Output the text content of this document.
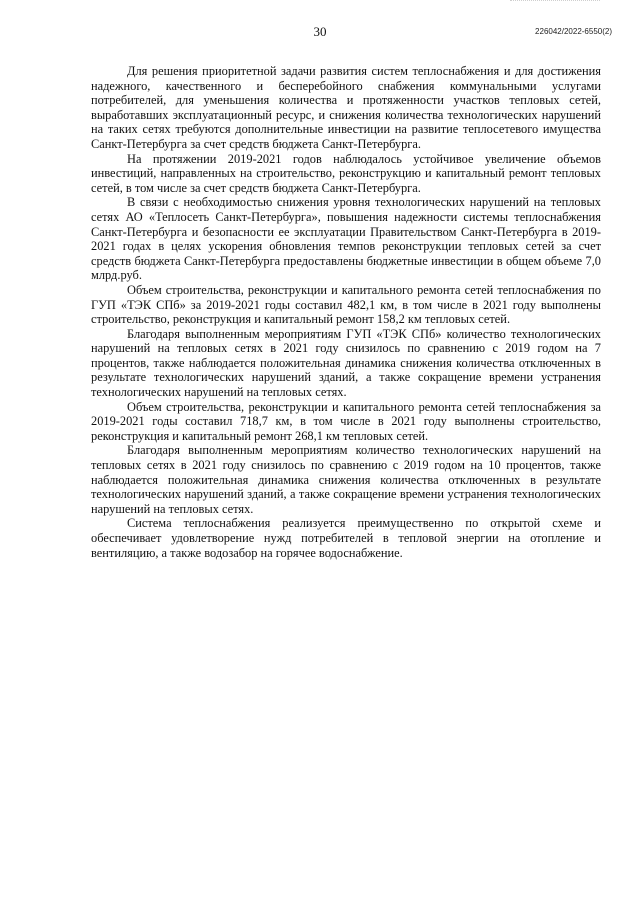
30	226042/2022-6550(2)

Для решения приоритетной задачи развития систем теплоснабжения и для достижения надежного, качественного и бесперебойного снабжения коммунальными услугами потребителей, для уменьшения количества и протяженности участков тепловых сетей, выработавших эксплуатационный ресурс, и снижения количества технологических нарушений на таких сетях требуются дополнительные инвестиции на развитие теплосетевого имущества Санкт-Петербурга за счет средств бюджета Санкт-Петербурга.

На протяжении 2019-2021 годов наблюдалось устойчивое увеличение объемов инвестиций, направленных на строительство, реконструкцию и капитальный ремонт тепловых сетей, в том числе за счет средств бюджета Санкт-Петербурга.

В связи с необходимостью снижения уровня технологических нарушений на тепловых сетях АО «Теплосеть Санкт-Петербурга», повышения надежности системы теплоснабжения Санкт-Петербурга и безопасности ее эксплуатации Правительством Санкт-Петербурга в 2019-2021 годах в целях ускорения обновления темпов реконструкции тепловых сетей за счет средств бюджета Санкт-Петербурга предоставлены бюджетные инвестиции в общем объеме 7,0 млрд.руб.

Объем строительства, реконструкции и капитального ремонта сетей теплоснабжения по ГУП «ТЭК СПб» за 2019-2021 годы составил 482,1 км, в том числе в 2021 году выполнены строительство, реконструкция и капитальный ремонт 158,2 км тепловых сетей.

Благодаря выполненным мероприятиям ГУП «ТЭК СПб» количество технологических нарушений на тепловых сетях в 2021 году снизилось по сравнению с 2019 годом на 7 процентов, также наблюдается положительная динамика снижения количества отключенных в результате технологических нарушений зданий, а также сокращение времени устранения технологических нарушений на тепловых сетях.

Объем строительства, реконструкции и капитального ремонта сетей теплоснабжения за 2019-2021 годы составил 718,7 км, в том числе в 2021 году выполнены строительство, реконструкция и капитальный ремонт 268,1 км тепловых сетей.

Благодаря выполненным мероприятиям количество технологических нарушений на тепловых сетях в 2021 году снизилось по сравнению с 2019 годом на 10 процентов, также наблюдается положительная динамика снижения количества отключенных в результате технологических нарушений зданий, а также сокращение времени устранения технологических нарушений на тепловых сетях.

Система теплоснабжения реализуется преимущественно по открытой схеме и обеспечивает удовлетворение нужд потребителей в тепловой энергии на отопление и вентиляцию, а также водозабор на горячее водоснабжение.
